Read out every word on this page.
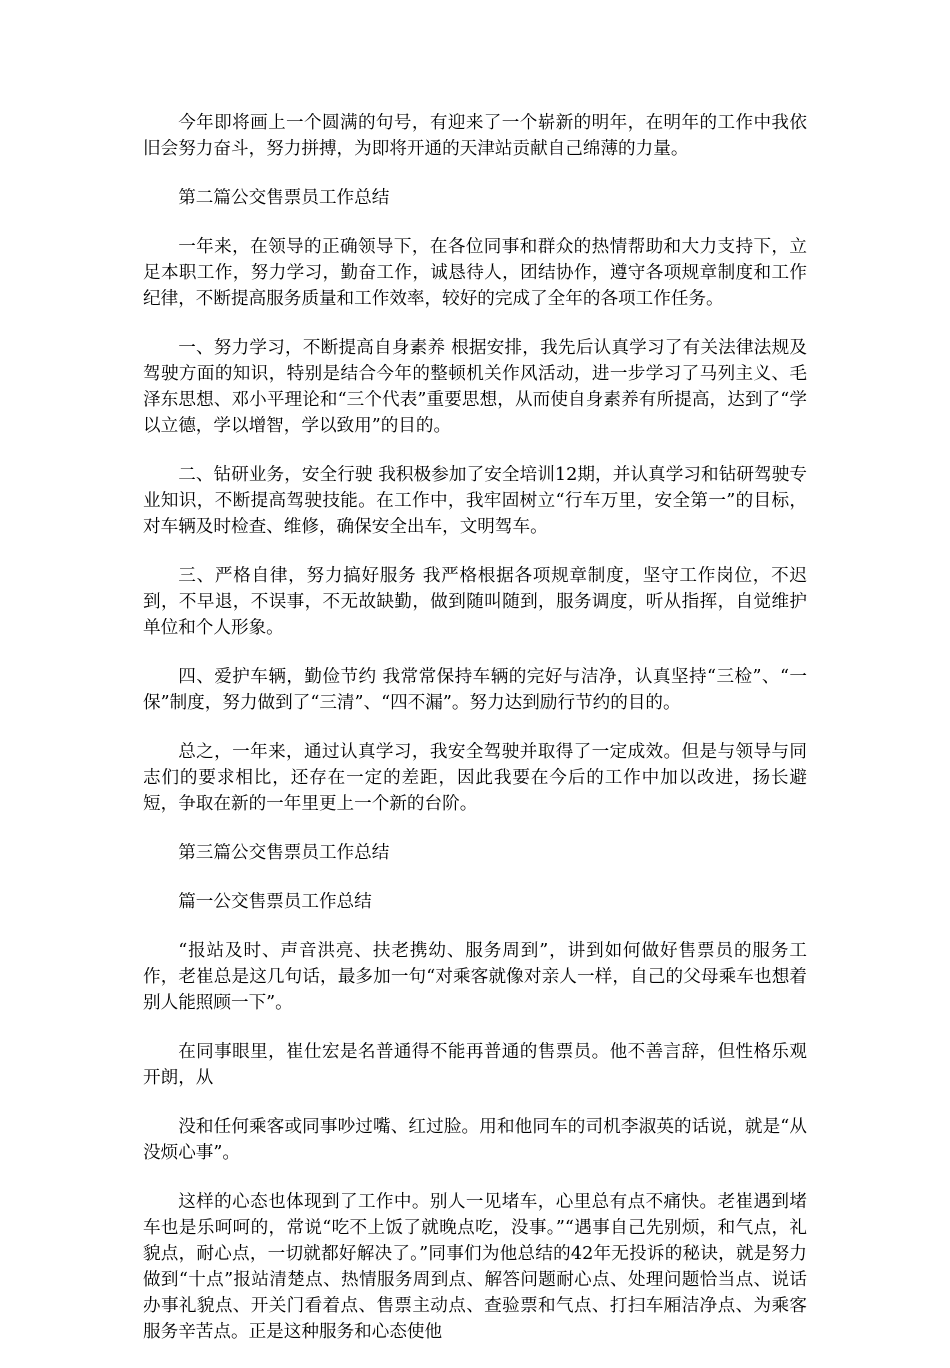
今年即将画上一个圆满的句号，有迎来了一个崭新的明年，在明年的工作中我依旧会努力奋斗，努力拼搏，为即将开通的天津站贡献自己绵薄的力量。

第二篇公交售票员工作总结

一年来，在领导的正确领导下，在各位同事和群众的热情帮助和大力支持下，立足本职工作，努力学习，勤奋工作，诚恳待人，团结协作，遵守各项规章制度和工作纪律，不断提高服务质量和工作效率，较好的完成了全年的各项工作任务。

一、努力学习，不断提高自身素养 根据安排，我先后认真学习了有关法律法规及驾驶方面的知识，特别是结合今年的整顿机关作风活动，进一步学习了马列主义、毛泽东思想、邓小平理论和“三个代表”重要思想，从而使自身素养有所提高，达到了“学以立德，学以增智，学以致用”的目的。

二、钻研业务，安全行驶 我积极参加了安全培训12期，并认真学习和钻研驾驶专业知识，不断提高驾驶技能。在工作中，我牢固树立“行车万里，安全第一”的目标，对车辆及时检查、维修，确保安全出车，文明驾车。

三、严格自律，努力搞好服务 我严格根据各项规章制度，坚守工作岗位，不迟到，不早退，不误事，不无故缺勤，做到随叫随到，服务调度，听从指挥，自觉维护单位和个人形象。

四、爱护车辆，勤俭节约 我常常保持车辆的完好与洁净，认真坚持“三检”、“一保”制度，努力做到了“三清”、“四不漏”。努力达到励行节约的目的。

总之，一年来，通过认真学习，我安全驾驶并取得了一定成效。但是与领导与同志们的要求相比，还存在一定的差距，因此我要在今后的工作中加以改进，扬长避短，争取在新的一年里更上一个新的台阶。

第三篇公交售票员工作总结

篇一公交售票员工作总结

“报站及时、声音洪亮、扶老携幼、服务周到”，讲到如何做好售票员的服务工作，老崔总是这几句话，最多加一句“对乘客就像对亲人一样，自己的父母乘车也想着别人能照顾一下”。

在同事眼里，崔仕宏是名普通得不能再普通的售票员。他不善言辞，但性格乐观开朗，从

没和任何乘客或同事吵过嘴、红过脸。用和他同车的司机李淑英的话说，就是“从没烦心事”。

这样的心态也体现到了工作中。别人一见堵车，心里总有点不痛快。老崔遇到堵车也是乐呵呵的，常说“吃不上饭了就晚点吃，没事。”“遇事自己先别烦，和气点，礼貌点，耐心点，一切就都好解决了。”同事们为他总结的42年无投诉的秘诀，就是努力做到“十点”报站清楚点、热情服务周到点、解答问题耐心点、处理问题恰当点、说话办事礼貌点、开关门看着点、售票主动点、查验票和气点、打扫车厢洁净点、为乘客服务辛苦点。正是这种服务和心态使他
